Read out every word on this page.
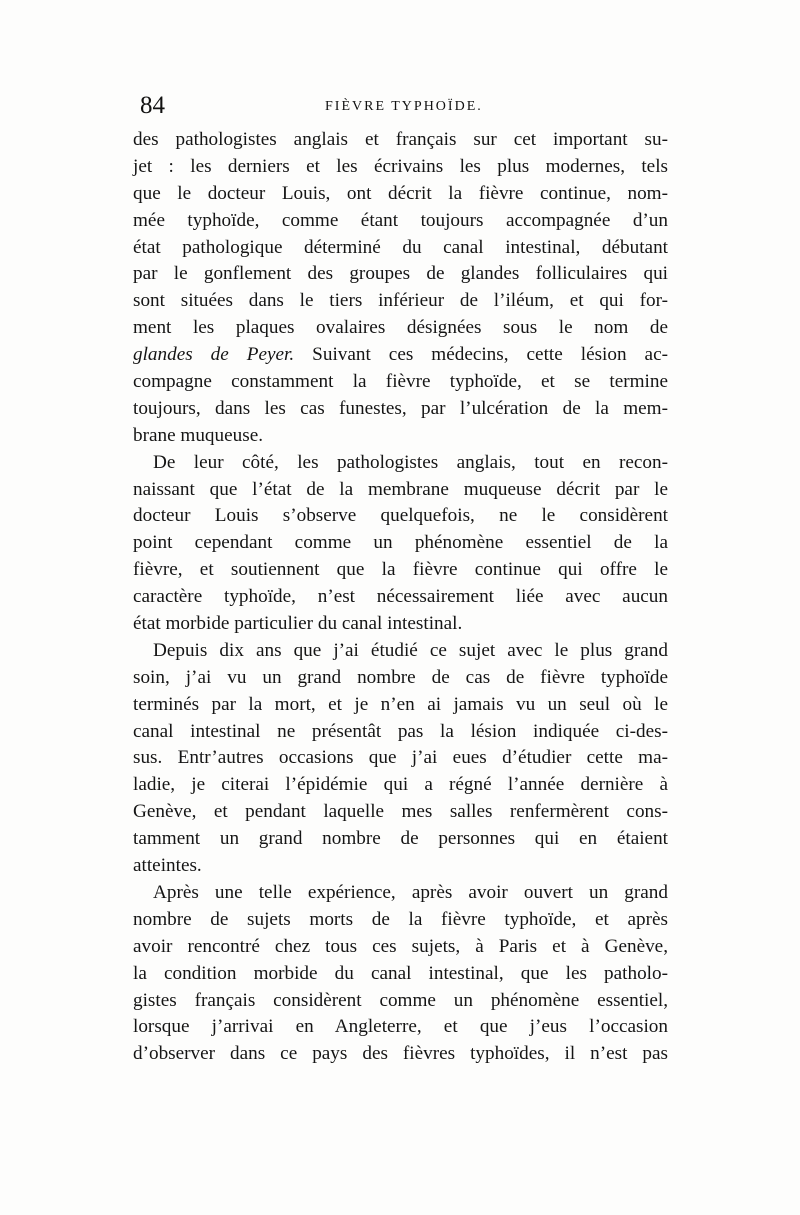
84	FIÈVRE TYPHOÏDE.
des pathologistes anglais et français sur cet important su-
jet : les derniers et les écrivains les plus modernes, tels
que le docteur Louis, ont décrit la fièvre continue, nom-
mée typhoïde, comme étant toujours accompagnée d’un
état pathologique déterminé du canal intestinal, débutant
par le gonflement des groupes de glandes folliculaires qui
sont situées dans le tiers inférieur de l’iléum, et qui for-
ment les plaques ovalaires désignées sous le nom de
glandes de Peyer. Suivant ces médecins, cette lésion ac-
compagne constamment la fièvre typhoïde, et se termine
toujours, dans les cas funestes, par l’ulcération de la mem-
brane muqueuse.
De leur côté, les pathologistes anglais, tout en recon-
naissant que l’état de la membrane muqueuse décrit par le
docteur Louis s’observe quelquefois, ne le considèrent
point cependant comme un phénomène essentiel de la
fièvre, et soutiennent que la fièvre continue qui offre le
caractère typhoïde, n’est nécessairement liée avec aucun
état morbide particulier du canal intestinal.
Depuis dix ans que j’ai étudié ce sujet avec le plus grand
soin, j’ai vu un grand nombre de cas de fièvre typhoïde
terminés par la mort, et je n’en ai jamais vu un seul où le
canal intestinal ne présentât pas la lésion indiquée ci-des-
sus. Entr’autres occasions que j’ai eues d’étudier cette ma-
ladie, je citerai l’épidémie qui a régné l’année dernière à
Genève, et pendant laquelle mes salles renfermèrent cons-
tamment un grand nombre de personnes qui en étaient
atteintes.
Après une telle expérience, après avoir ouvert un grand
nombre de sujets morts de la fièvre typhoïde, et après
avoir rencontré chez tous ces sujets, à Paris et à Genève,
la condition morbide du canal intestinal, que les patholo-
gistes français considèrent comme un phénomène essentiel,
lorsque j’arrivai en Angleterre, et que j’eus l’occasion
d’observer dans ce pays des fièvres typhoïdes, il n’est pas
